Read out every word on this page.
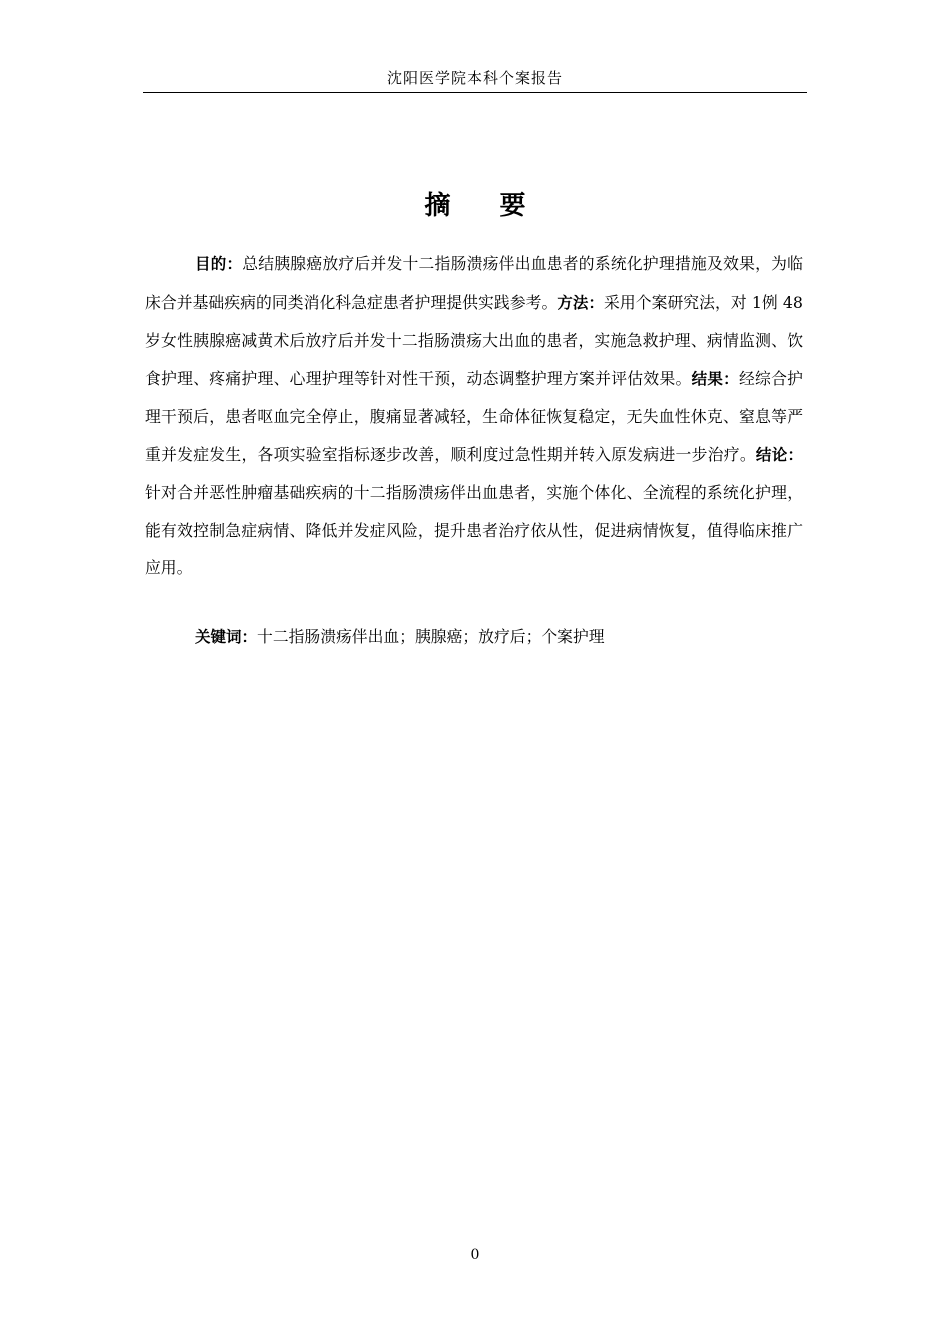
沈阳医学院本科个案报告
摘 要

目的：总结胰腺癌放疗后并发十二指肠溃疡伴出血患者的系统化护理措施及效果，为临床合并基础疾病的同类消化科急症患者护理提供实践参考。方法：采用个案研究法，对 1例 48岁女性胰腺癌减黄术后放疗后并发十二指肠溃疡大出血的患者，实施急救护理、病情监测、饮食护理、疼痛护理、心理护理等针对性干预，动态调整护理方案并评估效果。结果：经综合护理干预后，患者呕血完全停止，腹痛显著减轻，生命体征恢复稳定，无失血性休克、窒息等严重并发症发生，各项实验室指标逐步改善，顺利度过急性期并转入原发病进一步治疗。结论：针对合并恶性肿瘤基础疾病的十二指肠溃疡伴出血患者，实施个体化、全流程的系统化护理，能有效控制急症病情、降低并发症风险，提升患者治疗依从性，促进病情恢复，值得临床推广应用。

关键词：十二指肠溃疡伴出血；胰腺癌；放疗后；个案护理

0
